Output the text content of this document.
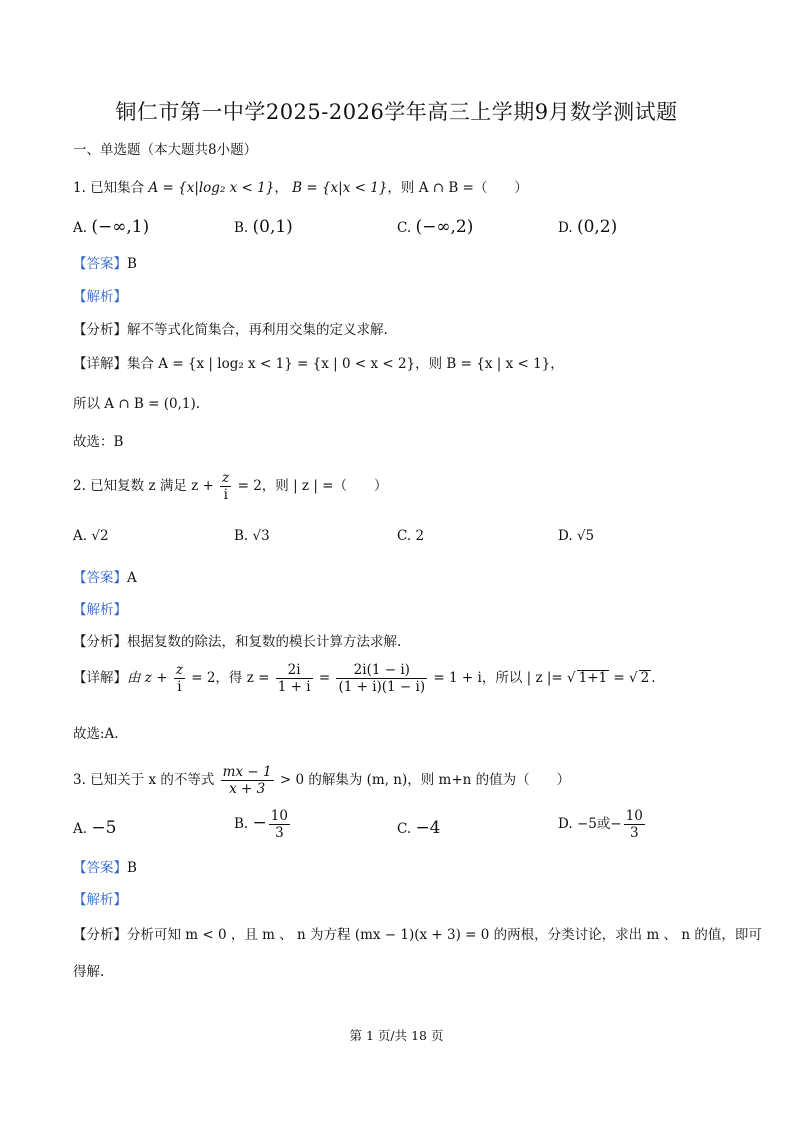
铜仁市第一中学2025-2026学年高三上学期9月数学测试题
一、单选题（本大题共8小题）
1. 已知集合 A = {x|log₂ x < 1}， B = {x|x < 1}，则 A ∩ B =（　　）
A. (−∞,1)	B. (0,1)	C. (−∞,2)	D. (0,2)
【答案】B
【解析】
【分析】解不等式化简集合，再利用交集的定义求解.
【详解】集合 A = {x | log₂ x < 1} = {x | 0 < x < 2}，则 B = {x | x < 1}，
所以 A ∩ B = (0,1).
故选：B
2. 已知复数 z 满足 $z + \frac{z}{i} = 2$，则 | z | =（　　）
A. √2	B. √3	C. 2	D. √5
【答案】A
【解析】
【分析】根据复数的除法，和复数的模长计算方法求解.
【详解】由 $z + \frac{z}{i} = 2$，得 $z = \frac{2i}{1 + i} = \frac{2i(1 - i)}{(1 + i)(1 - i)} = 1 + i$，所以 | z |= √ 1+1 = √ 2 .
故选:A.
3. 已知关于 x 的不等式 $\frac{mx - 1}{x + 3} > 0$ 的解集为 (m, n)，则 m+n 的值为（　　）
A. −5	B. − $\frac{10}{3}$	C. −4	D. −5或− $\frac{10}{3}$
【答案】B
【解析】
【分析】分析可知 m < 0 ，且 m 、 n 为方程 (mx − 1)(x + 3) = 0 的两根，分类讨论，求出 m 、 n 的值，即可
得解.
第 1 页/共 18 页
